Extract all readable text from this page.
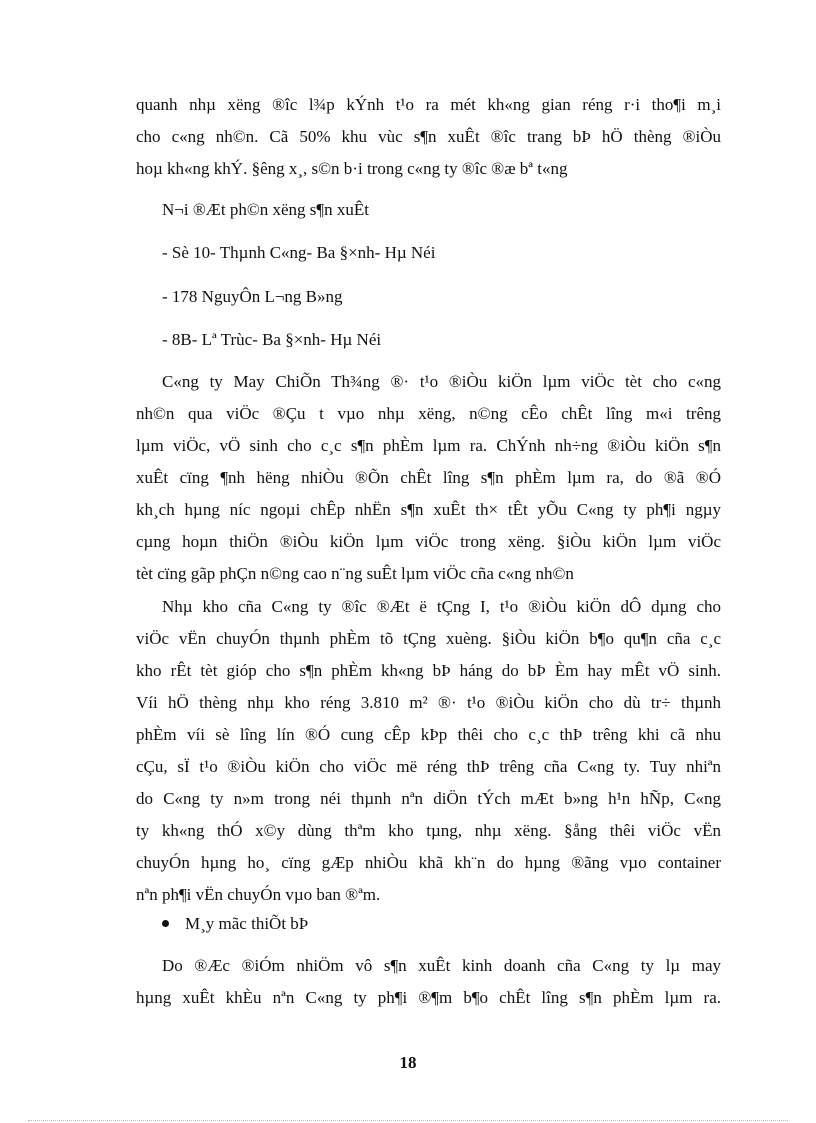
quanh nhµ xëng ®îc l¾p kÝnh t¹o ra mét kh«ng gian réng r·i tho¶i m¸i
cho c«ng nh©n. Cã 50% khu vùc s¶n xuÊt ®îc trang bÞ hÖ thèng ®iÒu
hoµ kh«ng khÝ. §êng x¸, s©n b·i trong c«ng ty ®îc ®æ bª t«ng

N¬i ®Æt ph©n xëng s¶n xuÊt

- Sè 10- Thµnh C«ng- Ba §×nh- Hµ Néi

- 178 NguyÔn L¬ng B»ng

- 8B- Lª Trùc- Ba §×nh- Hµ Néi

C«ng ty May ChiÕn Th¾ng ®· t¹o ®iÒu kiÖn lµm viÖc tèt cho c«ng
nh©n qua viÖc ®Çu t vµo nhµ xëng, n©ng cÊo chÊt lîng m«i trêng
lµm viÖc, vÖ sinh cho c¸c s¶n phÈm lµm ra. ChÝnh nh÷ng ®iÒu kiÖn s¶n
xuÊt cïng ¶nh hëng nhiÒu ®Õn chÊt lîng s¶n phÈm lµm ra, do ®ã ®Ó
kh¸ch hµng níc ngoµi chÊp nhËn s¶n xuÊt th× tÊt yÕu C«ng ty ph¶i ngµy
cµng hoµn thiÖn ®iÒu kiÖn lµm viÖc trong xëng. §iÒu kiÖn lµm viÖc
tèt cïng gãp phÇn n©ng cao n¨ng suÊt lµm viÖc cña c«ng nh©n

Nhµ kho cña C«ng ty ®îc ®Æt ë tÇng I, t¹o ®iÒu kiÖn dÔ dµng cho
viÖc vËn chuyÓn thµnh phÈm tõ tÇng xuèng. §iÒu kiÖn b¶o qu¶n cña c¸c
kho rÊt tèt gióp cho s¶n phÈm kh«ng bÞ háng do bÞ Èm hay mÊt vÖ sinh.
Víi hÖ thèng nhµ kho réng 3.810 m² ®· t¹o ®iÒu kiÖn cho dù tr÷ thµnh
phÈm víi sè lîng lín ®Ó cung cÊp kÞp thêi cho c¸c thÞ trêng khi cã nhu
cÇu, sÏ t¹o ®iÒu kiÖn cho viÖc më réng thÞ trêng cña C«ng ty. Tuy nhiªn
do C«ng ty n»m trong néi thµnh nªn diÖn tÝch mÆt b»ng h¹n hÑp, C«ng
ty kh«ng thÓ x©y dùng thªm kho tµng, nhµ xëng. §ång thêi viÖc vËn
chuyÓn hµng ho¸ cïng gÆp nhiÒu khã kh¨n do hµng ®ãng vµo container
nªn ph¶i vËn chuyÓn vµo ban ®ªm.

M¸y mãc thiÕt bÞ

Do ®Æc ®iÓm nhiÖm vô s¶n xuÊt kinh doanh cña C«ng ty lµ may
hµng xuÊt khÈu nªn C«ng ty ph¶i ®¶m b¶o chÊt lîng s¶n phÈm lµm ra.

18
